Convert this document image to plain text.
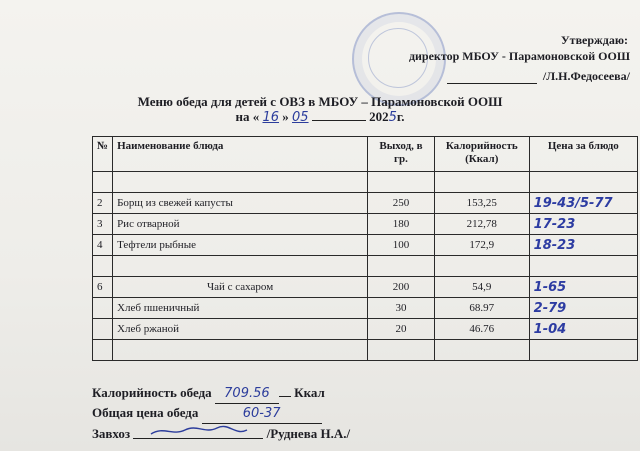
Утверждаю:
директор МБОУ - Парамоновской ООШ
/Л.Н.Федосеева/
Меню обеда для детей с ОВЗ в МБОУ – Парамоновской ООШ
на « 16 » 05	2025г.
№	Наименование блюда	Выход, в гр.	Калорийность (Ккал)	Цена за блюдо

2	Борщ из свежей капусты	250	153,25	19-43/5-77
3	Рис отварной	180	212,78	17-23
4	Тефтели рыбные	100	172,9	18-23

6	Чай с сахаром	200	54,9	1-65
	Хлеб пшеничный	30	68.97	2-79
	Хлеб ржаной	20	46.76	1-04

Калорийность обеда 709.56 Ккал
Общая цена обеда	60-37
Завхоз	/Руднева Н.А./
